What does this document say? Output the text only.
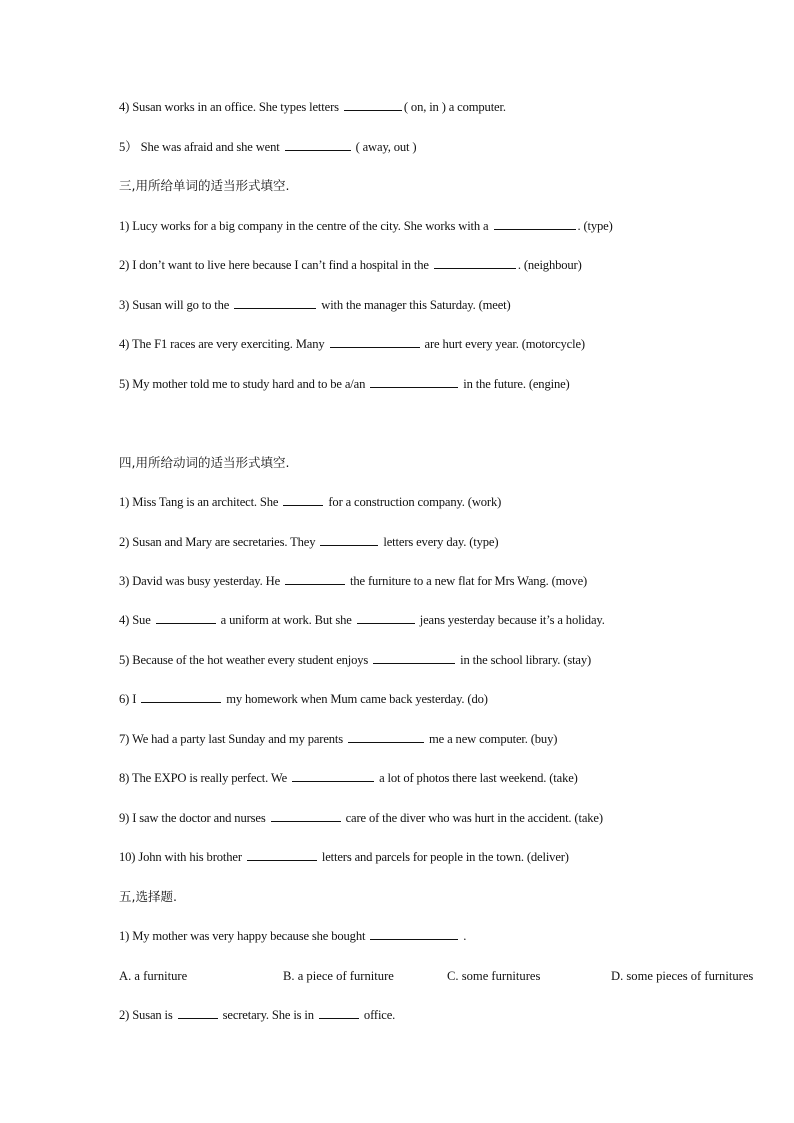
4) Susan works in an office. She types letters	( on, in ) a computer.
5） She was afraid and she went	( away, out )
三,用所给单词的适当形式填空.
1) Lucy works for a big company in the centre of the city. She works with a	. (type)
2) I don’t want to live here because I can’t find a hospital in the	. (neighbour)
3) Susan will go to the	with the manager this Saturday. (meet)
4) The F1 races are very exerciting. Many	are hurt every year. (motorcycle)
5) My mother told me to study hard and to be a/an	in the future. (engine)
四,用所给动词的适当形式填空.
1) Miss Tang is an architect. She	for a construction company. (work)
2) Susan and Mary are secretaries. They	letters every day. (type)
3) David was busy yesterday. He	the furniture to a new flat for Mrs Wang. (move)
4) Sue	a uniform at work. But she	jeans yesterday because it’s a holiday.
5) Because of the hot weather every student enjoys	in the school library. (stay)
6) I	my homework when Mum came back yesterday. (do)
7) We had a party last Sunday and my parents	me a new computer. (buy)
8) The EXPO is really perfect. We	a lot of photos there last weekend. (take)
9) I saw the doctor and nurses	care of the diver who was hurt in the accident. (take)
10) John with his brother	letters and parcels for people in the town. (deliver)
五,选择题.
1) My mother was very happy because she bought	.
A. a furniture	B. a piece of furniture	C. some furnitures	D. some pieces of furnitures
2) Susan is	secretary. She is in	office.
